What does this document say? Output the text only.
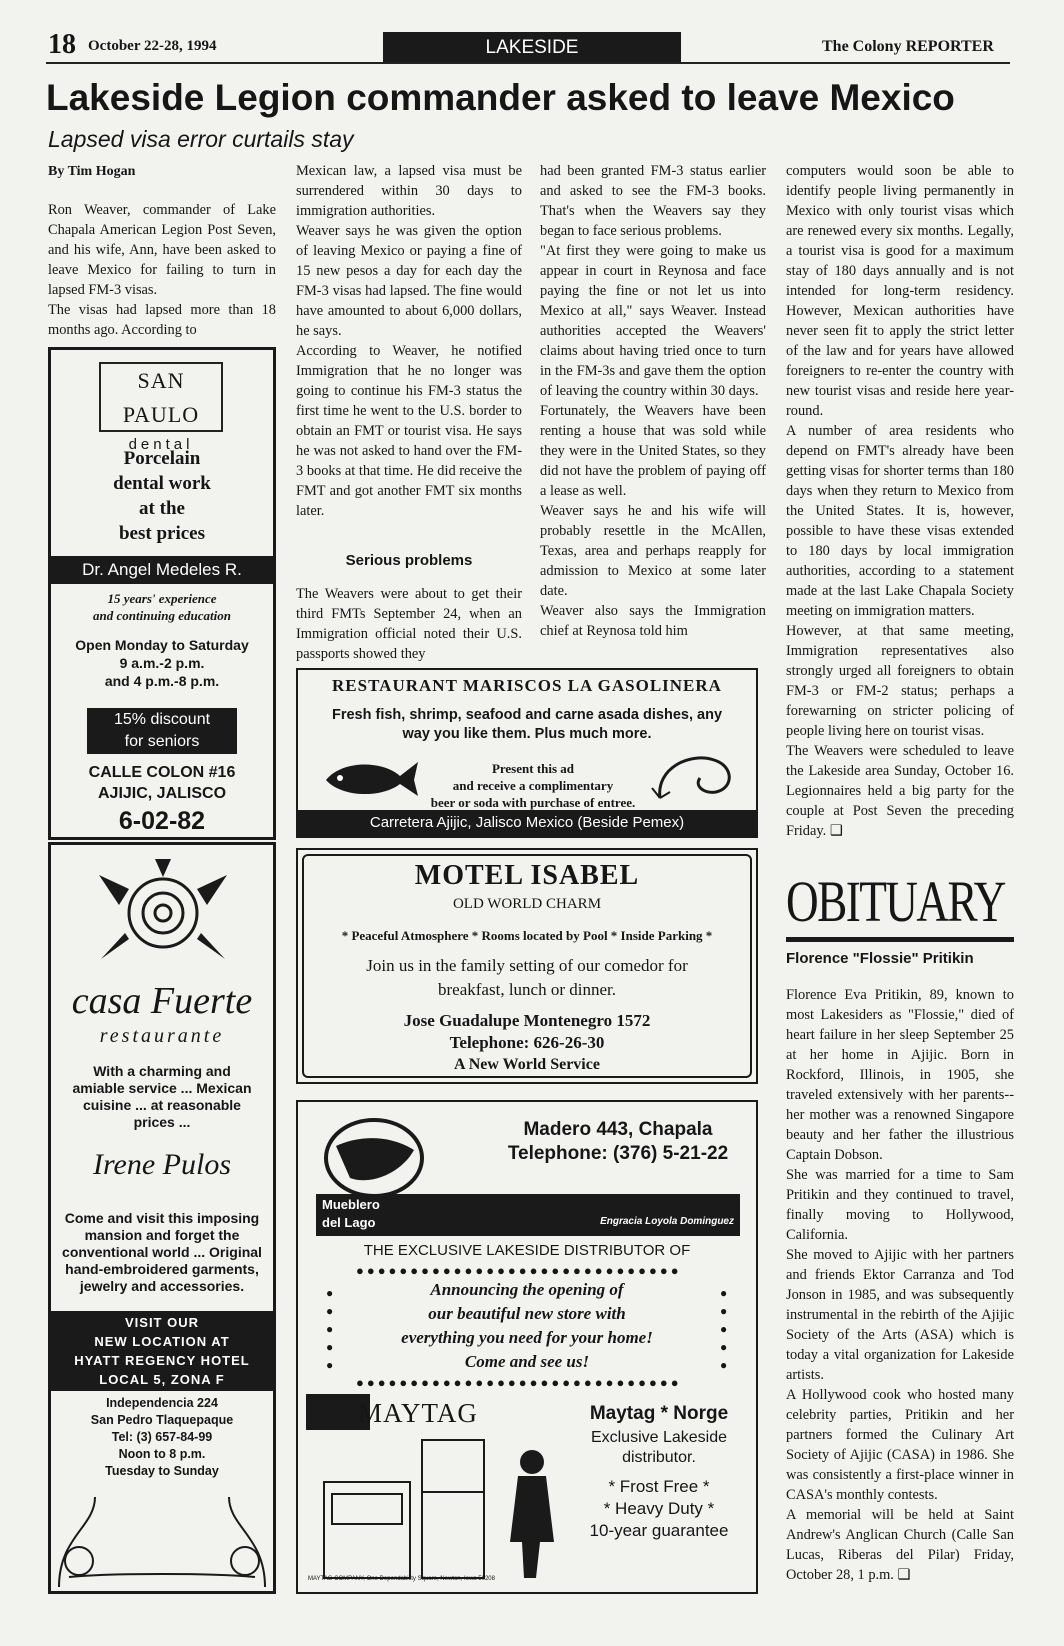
18 October 22-28, 1994	LAKESIDE	The Colony REPORTER
Lakeside Legion commander asked to leave Mexico
Lapsed visa error curtails stay
By Tim Hogan
Ron Weaver, commander of Lake Chapala American Legion Post Seven, and his wife, Ann, have been asked to leave Mexico for failing to turn in lapsed FM-3 visas.
The visas had lapsed more than 18 months ago. According to
SAN PAULO
dental
Porcelain
dental work
at the
best prices
Dr. Angel Medeles R.
15 years' experience
and continuing education
Open Monday to Saturday
9 a.m.-2 p.m.
and 4 p.m.-8 p.m.
15% discount
for seniors
CALLE COLON #16
AJIJIC, JALISCO
6-02-82
casa Fuerte
restaurante
With a charming and amiable service ... Mexican cuisine ... at reasonable prices ...
Irene Pulos
Come and visit this imposing mansion and forget the conventional world ... Original hand-embroidered garments, jewelry and accessories.
VISIT OUR
NEW LOCATION AT
HYATT REGENCY HOTEL
LOCAL 5, ZONA F
Independencia 224
San Pedro Tlaquepaque
Tel: (3) 657-84-99
Noon to 8 p.m.
Tuesday to Sunday
Mexican law, a lapsed visa must be surrendered within 30 days to immigration authorities.
Weaver says he was given the option of leaving Mexico or paying a fine of 15 new pesos a day for each day the FM-3 visas had lapsed. The fine would have amounted to about 6,000 dollars, he says.
According to Weaver, he notified Immigration that he no longer was going to continue his FM-3 status the first time he went to the U.S. border to obtain an FMT or tourist visa. He says he was not asked to hand over the FM-3 books at that time. He did receive the FMT and got another FMT six months later.
Serious problems
The Weavers were about to get their third FMTs September 24, when an Immigration official noted their U.S. passports showed they
had been granted FM-3 status earlier and asked to see the FM-3 books. That's when the Weavers say they began to face serious problems.
"At first they were going to make us appear in court in Reynosa and face paying the fine or not let us into Mexico at all," says Weaver. Instead authorities accepted the Weavers' claims about having tried once to turn in the FM-3s and gave them the option of leaving the country within 30 days.
Fortunately, the Weavers have been renting a house that was sold while they were in the United States, so they did not have the problem of paying off a lease as well.
Weaver says he and his wife will probably resettle in the McAllen, Texas, area and perhaps reapply for admission to Mexico at some later date.
Weaver also says the Immigration chief at Reynosa told him
computers would soon be able to identify people living permanently in Mexico with only tourist visas which are renewed every six months. Legally, a tourist visa is good for a maximum stay of 180 days annually and is not intended for long-term residency. However, Mexican authorities have never seen fit to apply the strict letter of the law and for years have allowed foreigners to re-enter the country with new tourist visas and reside here year-round.
A number of area residents who depend on FMT's already have been getting visas for shorter terms than 180 days when they return to Mexico from the United States. It is, however, possible to have these visas extended to 180 days by local immigration authorities, according to a statement made at the last Lake Chapala Society meeting on immigration matters.
However, at that same meeting, Immigration representatives also strongly urged all foreigners to obtain FM-3 or FM-2 status; perhaps a forewarning on stricter policing of people living here on tourist visas.
The Weavers were scheduled to leave the Lakeside area Sunday, October 16. Legionnaires held a big party for the couple at Post Seven the preceding Friday. ❑
OBITUARY
Florence "Flossie" Pritikin
Florence Eva Pritikin, 89, known to most Lakesiders as "Flossie," died of heart failure in her sleep September 25 at her home in Ajijic. Born in Rockford, Illinois, in 1905, she traveled extensively with her parents--her mother was a renowned Singapore beauty and her father the illustrious Captain Dobson.
She was married for a time to Sam Pritikin and they continued to travel, finally moving to Hollywood, California.
She moved to Ajijic with her partners and friends Ektor Carranza and Tod Jonson in 1985, and was subsequently instrumental in the rebirth of the Ajijic Society of the Arts (ASA) which is today a vital organization for Lakeside artists.
A Hollywood cook who hosted many celebrity parties, Pritikin and her partners formed the Culinary Art Society of Ajijic (CASA) in 1986. She was consistently a first-place winner in CASA's monthly contests.
A memorial will be held at Saint Andrew's Anglican Church (Calle San Lucas, Riberas del Pilar) Friday, October 28, 1 p.m. ❑
RESTAURANT MARISCOS LA GASOLINERA
Fresh fish, shrimp, seafood and carne asada dishes, any way you like them. Plus much more.
Present this ad
and receive a complimentary
beer or soda with purchase of entree.
Carretera Ajijic, Jalisco Mexico (Beside Pemex)
MOTEL ISABEL
OLD WORLD CHARM
* Peaceful Atmosphere * Rooms located by Pool * Inside Parking *
Join us in the family setting of our comedor for breakfast, lunch or dinner.
Jose Guadalupe Montenegro 1572
Telephone: 626-26-30
A New World Service
Madero 443, Chapala
Telephone: (376) 5-21-22
Mueblero del Lago	Engracia Loyola Dominguez
THE EXCLUSIVE LAKESIDE DISTRIBUTOR OF
●●●●●●●●●●●●●●●●●●●●●●●●●●●●●●
●●●●●●●●●●●●●●●●●●●●●●●●●●●●●●
●
●
●
●
●
●
●
●
●
●
Announcing the opening of
our beautiful new store with
everything you need for your home!
Come and see us!
MAYTAG	Maytag * Norge
Exclusive Lakeside
distributor.
* Frost Free *
* Heavy Duty *
10-year guarantee
MAYTAG COMPANY, One Dependability Square, Newton, Iowa 50208
